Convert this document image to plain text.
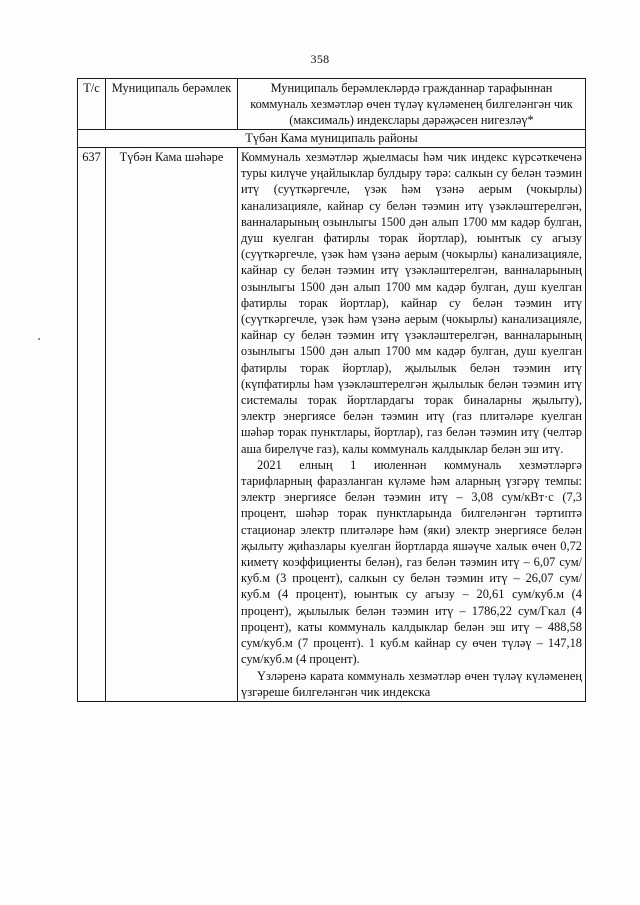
358
Т/с	Муниципаль берәмлек	Муниципаль берәмлекләрдә гражданнар тарафыннан коммуналь хезмәтләр өчен түләү күләменең билгеләнгән чик (максималь) индекслары дәрәҗәсен нигезләү*
Түбән Кама муниципаль районы		
637	Түбән Кама шәһәре	Коммуналь хезмәтләр җыелмасы һәм чик индекс күрсәткеченә туры килүче уңайлыклар булдыру тәрә: салкын су белән тәэмин итү (суүткәргечле, үзәк һәм үзәнә аерым (чокырлы) канализацияле, кайнар су белән тәэмин итү үзәкләштерелгән, ванналарының озынлыгы 1500 дән алып 1700 мм кадәр булган, душ куелган фатирлы торак йортлар), юынтык су агызу (суүткәргечле, үзәк һәм үзәнә аерым (чокырлы) канализацияле, кайнар су белән тәэмин итү үзәкләштерелгән, ванналарының озынлыгы 1500 дән алып 1700 мм кадәр булган, душ куелган фатирлы торак йортлар), кайнар су белән тәэмин итү (суүткәргечле, үзәк һәм үзәнә аерым (чокырлы) канализацияле, кайнар су белән тәэмин итү үзәкләштерелгән, ванналарының озынлыгы 1500 дән алып 1700 мм кадәр булган, душ куелган фатирлы торак йортлар), җылылык белән тәэмин итү (күпфатирлы һәм үзәкләштерелгән җылылык белән тәэмин итү системалы торак йортлардагы торак биналарны җылыту), электр энергиясе белән тәэмин итү (газ плитәләре куелган шәһәр торак пунктлары, йортлар), газ белән тәэмин итү (челтәр аша бирелүче газ), калы коммуналь калдыклар белән эш итү.

2021 елның 1 июленнән коммуналь хезмәтләргә тарифларның фаразланган күләме һәм аларның үзгәрү темпы: электр энергиясе белән тәэмин итү – 3,08 сум/кВт·с (7,3 процент, шәһәр торак пунктларында билгеләнгән тәртиптә стационар электр плитәләре һәм (яки) электр энергиясе белән җылыту җиһазлары куелган йортларда яшәүче халык өчен 0,72 киметү коэффициенты белән), газ белән тәэмин итү – 6,07 сум/куб.м (3 процент), салкын су белән тәэмин итү – 26,07 сум/куб.м (4 процент), юынтык су агызу – 20,61 сум/куб.м (4 процент), җылылык белән тәэмин итү – 1786,22 сум/Гкал (4 процент), каты коммуналь калдыклар белән эш итү – 488,58 сум/куб.м (7 процент). 1 куб.м кайнар су өчен түләү – 147,18 сум/куб.м (4 процент).

Үзләренә карата коммуналь хезмәтләр өчен түләү күләменең үзгәреше билгеләнгән чик индекска
